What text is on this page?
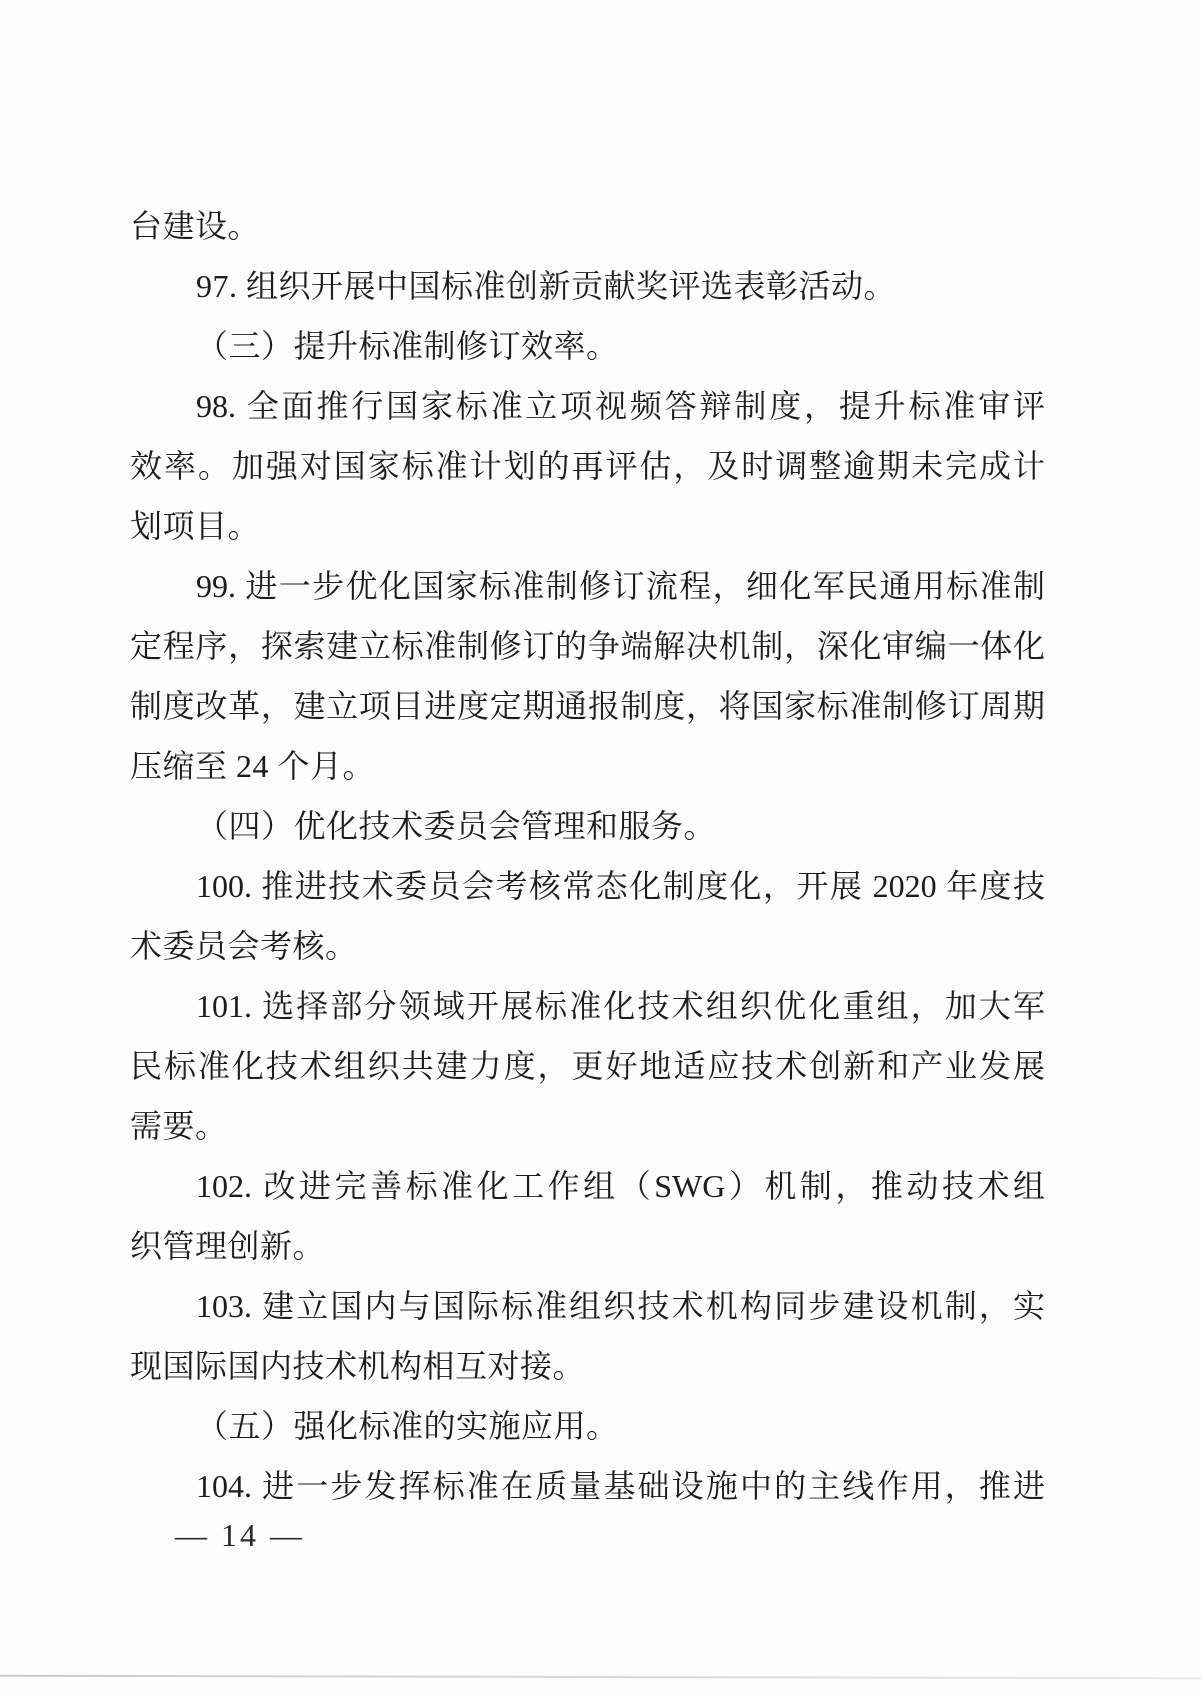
台建设。
97. 组织开展中国标准创新贡献奖评选表彰活动。
（三）提升标准制修订效率。
98. 全面推行国家标准立项视频答辩制度，提升标准审评
效率。加强对国家标准计划的再评估，及时调整逾期未完成计
划项目。
99. 进一步优化国家标准制修订流程，细化军民通用标准制
定程序，探索建立标准制修订的争端解决机制，深化审编一体化
制度改革，建立项目进度定期通报制度，将国家标准制修订周期
压缩至 24 个月。
（四）优化技术委员会管理和服务。
100. 推进技术委员会考核常态化制度化，开展 2020 年度技
术委员会考核。
101. 选择部分领域开展标准化技术组织优化重组，加大军
民标准化技术组织共建力度，更好地适应技术创新和产业发展
需要。
102. 改进完善标准化工作组（SWG）机制，推动技术组
织管理创新。
103. 建立国内与国际标准组织技术机构同步建设机制，实
现国际国内技术机构相互对接。
（五）强化标准的实施应用。
104. 进一步发挥标准在质量基础设施中的主线作用，推进
— 14 —
